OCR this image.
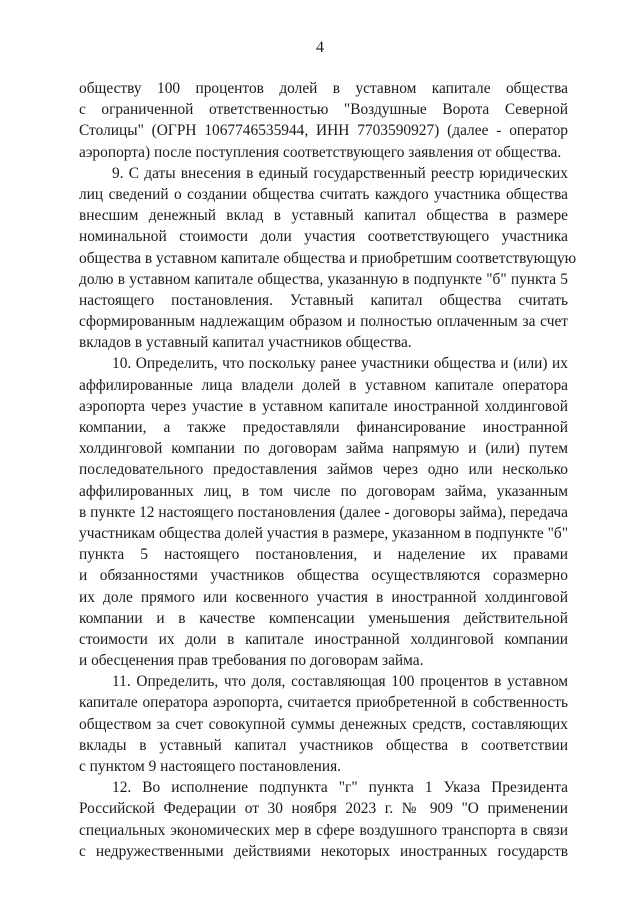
4
обществу 100 процентов долей в уставном капитале общества
с ограниченной ответственностью "Воздушные Ворота Северной
Столицы" (ОГРН 1067746535944, ИНН 7703590927) (далее - оператор
аэропорта) после поступления соответствующего заявления от общества.
9. С даты внесения в единый государственный реестр юридических
лиц сведений о создании общества считать каждого участника общества
внесшим денежный вклад в уставный капитал общества в размере
номинальной стоимости доли участия соответствующего участника
общества в уставном капитале общества и приобретшим соответствующую
долю в уставном капитале общества, указанную в подпункте "б" пункта 5
настоящего постановления. Уставный капитал общества считать
сформированным надлежащим образом и полностью оплаченным за счет
вкладов в уставный капитал участников общества.
10. Определить, что поскольку ранее участники общества и (или) их
аффилированные лица владели долей в уставном капитале оператора
аэропорта через участие в уставном капитале иностранной холдинговой
компании, а также предоставляли финансирование иностранной
холдинговой компании по договорам займа напрямую и (или) путем
последовательного предоставления займов через одно или несколько
аффилированных лиц, в том числе по договорам займа, указанным
в пункте 12 настоящего постановления (далее - договоры займа), передача
участникам общества долей участия в размере, указанном в подпункте "б"
пункта 5 настоящего постановления, и наделение их правами
и обязанностями участников общества осуществляются соразмерно
их доле прямого или косвенного участия в иностранной холдинговой
компании и в качестве компенсации уменьшения действительной
стоимости их доли в капитале иностранной холдинговой компании
и обесценения прав требования по договорам займа.
11. Определить, что доля, составляющая 100 процентов в уставном
капитале оператора аэропорта, считается приобретенной в собственность
обществом за счет совокупной суммы денежных средств, составляющих
вклады в уставный капитал участников общества в соответствии
с пунктом 9 настоящего постановления.
12. Во исполнение подпункта "г" пункта 1 Указа Президента
Российской Федерации от 30 ноября 2023 г. № 909 "О применении
специальных экономических мер в сфере воздушного транспорта в связи
с недружественными действиями некоторых иностранных государств
